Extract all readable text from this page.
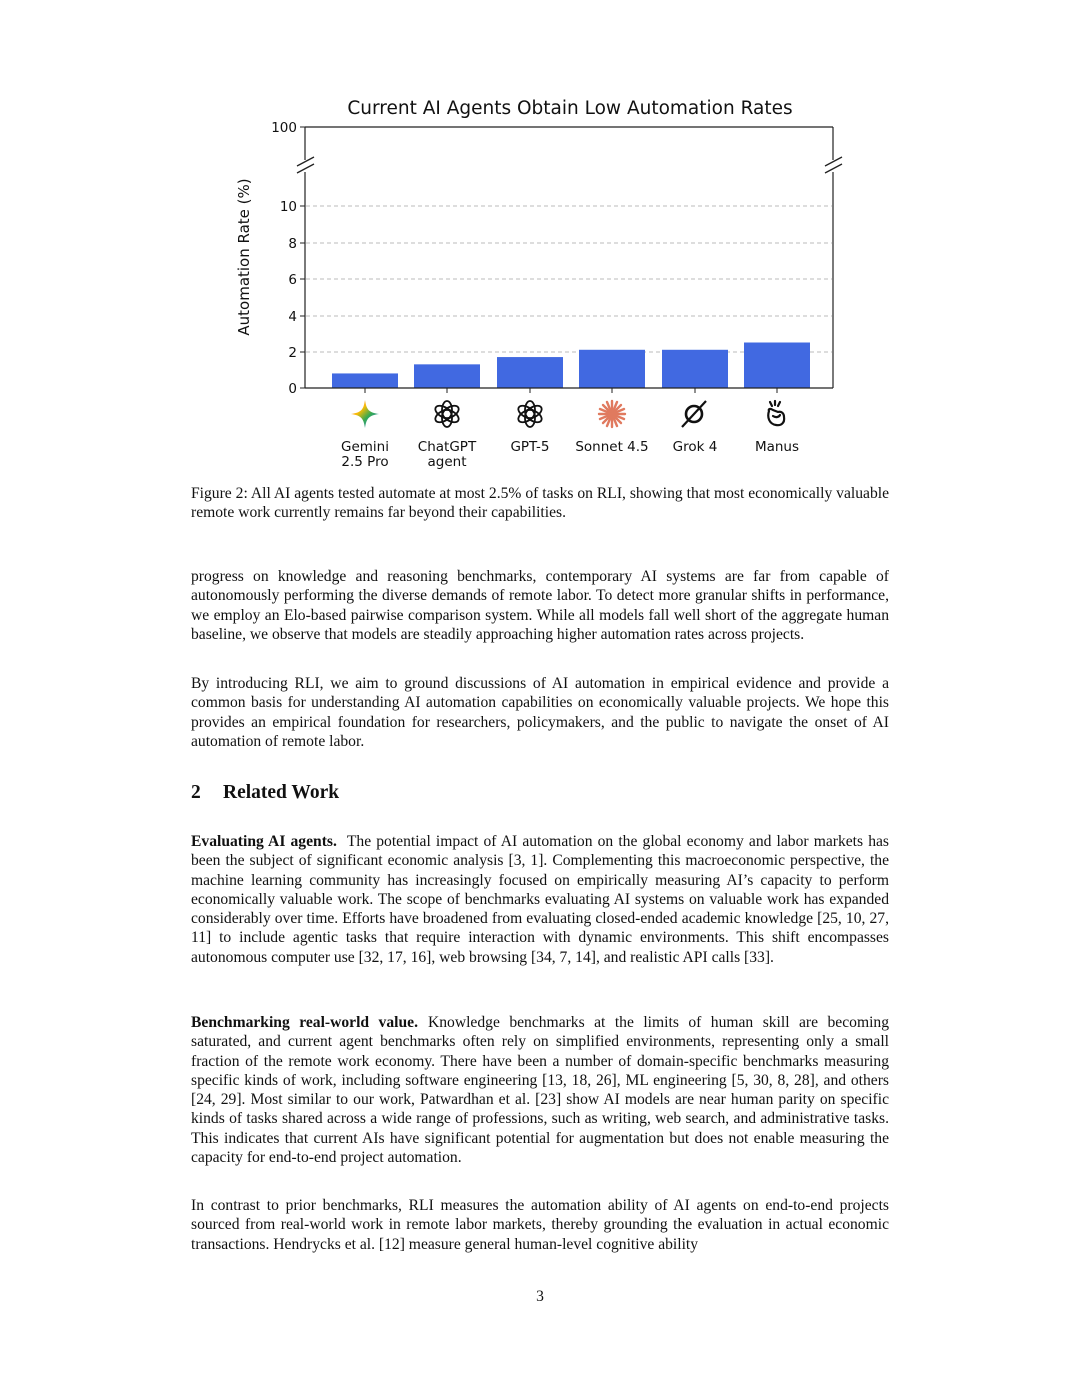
Current AI Agents Obtain Low Automation Rates
Automation Rate (%)
0
2
4
6
8
10
100
Gemini
2.5 Pro
ChatGPT
agent
GPT-5 Sonnet 4.5 Grok 4	Manus
Figure 2: All AI agents tested automate at most 2.5% of tasks on RLI, showing that most economically valuable remote work currently remains far beyond their capabilities.

progress on knowledge and reasoning benchmarks, contemporary AI systems are far from capable of autonomously performing the diverse demands of remote labor. To detect more granular shifts in performance, we employ an Elo-based pairwise comparison system. While all models fall well short of the aggregate human baseline, we observe that models are steadily approaching higher automation rates across projects.

By introducing RLI, we aim to ground discussions of AI automation in empirical evidence and provide a common basis for understanding AI automation capabilities on economically valuable projects. We hope this provides an empirical foundation for researchers, policymakers, and the public to navigate the onset of AI automation of remote labor.

2 Related Work

Evaluating AI agents. The potential impact of AI automation on the global economy and labor markets has been the subject of significant economic analysis [3, 1]. Complementing this macroeconomic perspective, the machine learning community has increasingly focused on empirically measuring AI’s capacity to perform economically valuable work. The scope of benchmarks evaluating AI systems on valuable work has expanded considerably over time. Efforts have broadened from evaluating closed-ended academic knowledge [25, 10, 27, 11] to include agentic tasks that require interaction with dynamic environments. This shift encompasses autonomous computer use [32, 17, 16], web browsing [34, 7, 14], and realistic API calls [33].

Benchmarking real-world value. Knowledge benchmarks at the limits of human skill are becoming saturated, and current agent benchmarks often rely on simplified environments, representing only a small fraction of the remote work economy. There have been a number of domain-specific benchmarks measuring specific kinds of work, including software engineering [13, 18, 26], ML engineering [5, 30, 8, 28], and others [24, 29]. Most similar to our work, Patwardhan et al. [23] show AI models are near human parity on specific kinds of tasks shared across a wide range of professions, such as writing, web search, and administrative tasks. This indicates that current AIs have significant potential for augmentation but does not enable measuring the capacity for end-to-end project automation.

In contrast to prior benchmarks, RLI measures the automation ability of AI agents on end-to-end projects sourced from real-world work in remote labor markets, thereby grounding the evaluation in actual economic transactions. Hendrycks et al. [12] measure general human-level cognitive ability

3
